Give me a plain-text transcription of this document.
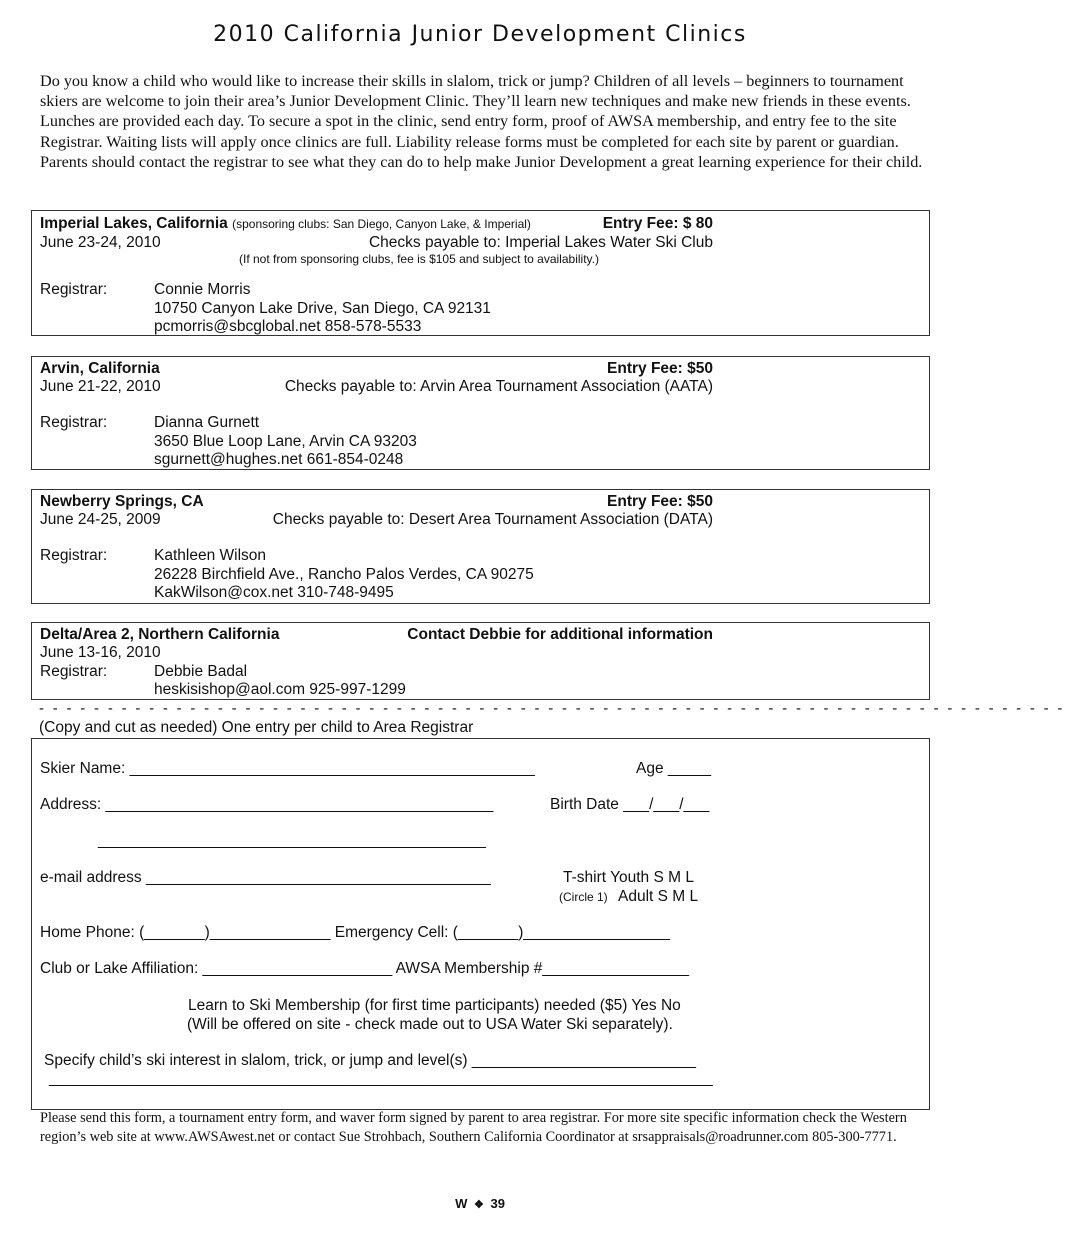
2010 California Junior Development Clinics
Do you know a child who would like to increase their skills in slalom, trick or jump? Children of all levels – beginners to tournament skiers are welcome to join their area’s Junior Development Clinic. They’ll learn new techniques and make new friends in these events. Lunches are provided each day. To secure a spot in the clinic, send entry form, proof of AWSA membership, and entry fee to the site Registrar. Waiting lists will apply once clinics are full. Liability release forms must be completed for each site by parent or guardian. Parents should contact the registrar to see what they can do to help make Junior Development a great learning experience for their child.
Imperial Lakes, California (sponsoring clubs: San Diego, Canyon Lake, & Imperial)	Entry Fee: $ 80
June 23-24, 2010	Checks payable to: Imperial Lakes Water Ski Club
(If not from sponsoring clubs, fee is $105 and subject to availability.)
Registrar:	Connie Morris
10750 Canyon Lake Drive, San Diego, CA 92131
pcmorris@sbcglobal.net 858-578-5533
Arvin, California	Entry Fee: $50
June 21-22, 2010	Checks payable to: Arvin Area Tournament Association (AATA)
Registrar:	Dianna Gurnett
3650 Blue Loop Lane, Arvin CA 93203
sgurnett@hughes.net 661-854-0248
Newberry Springs, CA	Entry Fee: $50
June 24-25, 2009	Checks payable to: Desert Area Tournament Association (DATA)
Registrar:	Kathleen Wilson
26228 Birchfield Ave., Rancho Palos Verdes, CA 90275
KakWilson@cox.net 310-748-9495
Delta/Area 2, Northern California	Contact Debbie for additional information
June 13-16, 2010
Registrar:	Debbie Badal
heskisishop@aol.com 925-997-1299
- - - - - - - - - - - - - - - - - - - - - - - - - - - - - - - - - - - - - - - - - - - - - - - - - - - - - - - - - - - - - - - - - - - - - - - - - - -
(Copy and cut as needed) One entry per child to Area Registrar
Skier Name: _______________________________________________	Age _____
Address: _____________________________________________	Birth Date ___/___/___
_____________________________________________
e-mail address ________________________________________	T-shirt Youth S M L
(Circle 1) Adult S M L
Home Phone: (_______)______________ Emergency Cell: (_______)_________________
Club or Lake Affiliation: ______________________ AWSA Membership #_________________
Learn to Ski Membership (for first time participants) needed ($5) Yes No
(Will be offered on site - check made out to USA Water Ski separately).
Specify child’s ski interest in slalom, trick, or jump and level(s) __________________________
_____________________________________________________________________________
Please send this form, a tournament entry form, and waver form signed by parent to area registrar. For more site specific information check the Western region’s web site at www.AWSAwest.net or contact Sue Strohbach, Southern California Coordinator at srsappraisals@roadrunner.com 805-300-7771.
W ❖ 39
